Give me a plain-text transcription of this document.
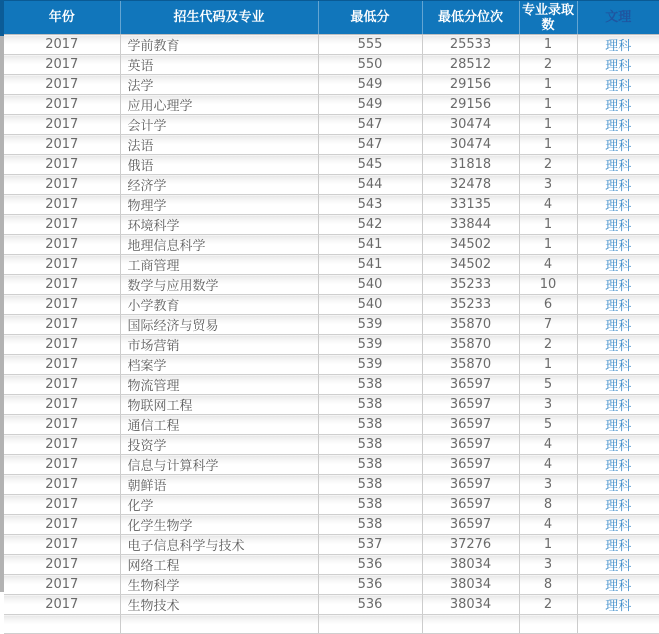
年份	招生代码及专业	最低分	最低分位次	专业录取数	文理
2017	学前教育	555	25533	1	理科
2017	英语	550	28512	2	理科
2017	法学	549	29156	1	理科
2017	应用心理学	549	29156	1	理科
2017	会计学	547	30474	1	理科
2017	法语	547	30474	1	理科
2017	俄语	545	31818	2	理科
2017	经济学	544	32478	3	理科
2017	物理学	543	33135	4	理科
2017	环境科学	542	33844	1	理科
2017	地理信息科学	541	34502	1	理科
2017	工商管理	541	34502	4	理科
2017	数学与应用数学	540	35233	10	理科
2017	小学教育	540	35233	6	理科
2017	国际经济与贸易	539	35870	7	理科
2017	市场营销	539	35870	2	理科
2017	档案学	539	35870	1	理科
2017	物流管理	538	36597	5	理科
2017	物联网工程	538	36597	3	理科
2017	通信工程	538	36597	5	理科
2017	投资学	538	36597	4	理科
2017	信息与计算科学	538	36597	4	理科
2017	朝鲜语	538	36597	3	理科
2017	化学	538	36597	8	理科
2017	化学生物学	538	36597	4	理科
2017	电子信息科学与技术	537	37276	1	理科
2017	网络工程	536	38034	3	理科
2017	生物科学	536	38034	8	理科
2017	生物技术	536	38034	2	理科
